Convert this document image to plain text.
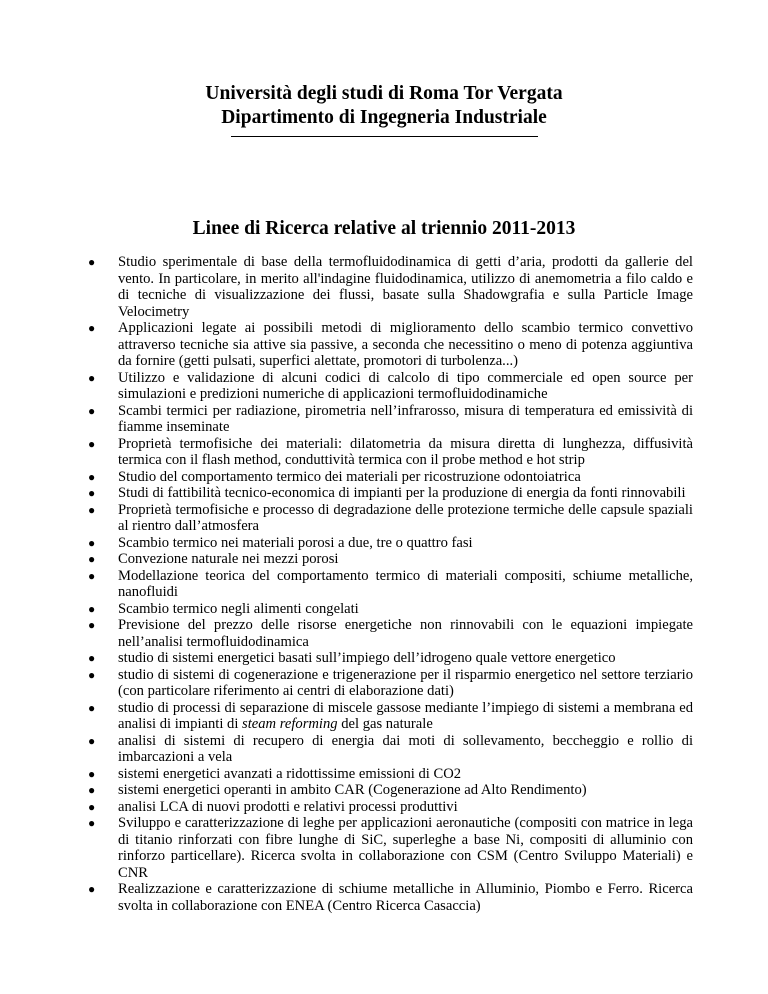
Università degli studi di Roma Tor Vergata
Dipartimento di Ingegneria Industriale
Linee di Ricerca relative al triennio 2011-2013
● Studio sperimentale di base della termofluidodinamica di getti d’aria, prodotti da gallerie del vento. In particolare, in merito all'indagine fluidodinamica, utilizzo di anemometria a filo caldo e di tecniche di visualizzazione dei flussi, basate sulla Shadowgrafia e sulla Particle Image Velocimetry
● Applicazioni legate ai possibili metodi di miglioramento dello scambio termico convettivo attraverso tecniche sia attive sia passive, a seconda che necessitino o meno di potenza aggiuntiva da fornire (getti pulsati, superfici alettate, promotori di turbolenza...)
● Utilizzo e validazione di alcuni codici di calcolo di tipo commerciale ed open source per simulazioni e predizioni numeriche di applicazioni termofluidodinamiche
● Scambi termici per radiazione, pirometria nell’infrarosso, misura di temperatura ed emissività di fiamme inseminate
● Proprietà termofisiche dei materiali: dilatometria da misura diretta di lunghezza, diffusività termica con il flash method, conduttività termica con il probe method e hot strip
● Studio del comportamento termico dei materiali per ricostruzione odontoiatrica
● Studi di fattibilità tecnico-economica di impianti per la produzione di energia da fonti rinnovabili
● Proprietà termofisiche e processo di degradazione delle protezione termiche delle capsule spaziali al rientro dall’atmosfera
● Scambio termico nei materiali porosi a due, tre o quattro fasi
● Convezione naturale nei mezzi porosi
● Modellazione teorica del comportamento termico di materiali compositi, schiume metalliche, nanofluidi
● Scambio termico negli alimenti congelati
● Previsione del prezzo delle risorse energetiche non rinnovabili con le equazioni impiegate nell’analisi termofluidodinamica
● studio di sistemi energetici basati sull’impiego dell’idrogeno quale vettore energetico
● studio di sistemi di cogenerazione e trigenerazione per il risparmio energetico nel settore terziario (con particolare riferimento ai centri di elaborazione dati)
● studio di processi di separazione di miscele gassose mediante l’impiego di sistemi a membrana ed analisi di impianti di steam reforming del gas naturale
● analisi di sistemi di recupero di energia dai moti di sollevamento, beccheggio e rollio di imbarcazioni a vela
● sistemi energetici avanzati a ridottissime emissioni di CO2
● sistemi energetici operanti in ambito CAR (Cogenerazione ad Alto Rendimento)
● analisi LCA di nuovi prodotti e relativi processi produttivi
● Sviluppo e caratterizzazione di leghe per applicazioni aeronautiche (compositi con matrice in lega di titanio rinforzati con fibre lunghe di SiC, superleghe a base Ni, compositi di alluminio con rinforzo particellare). Ricerca svolta in collaborazione con CSM (Centro Sviluppo Materiali) e CNR
● Realizzazione e caratterizzazione di schiume metalliche in Alluminio, Piombo e Ferro. Ricerca svolta in collaborazione con ENEA (Centro Ricerca Casaccia)
